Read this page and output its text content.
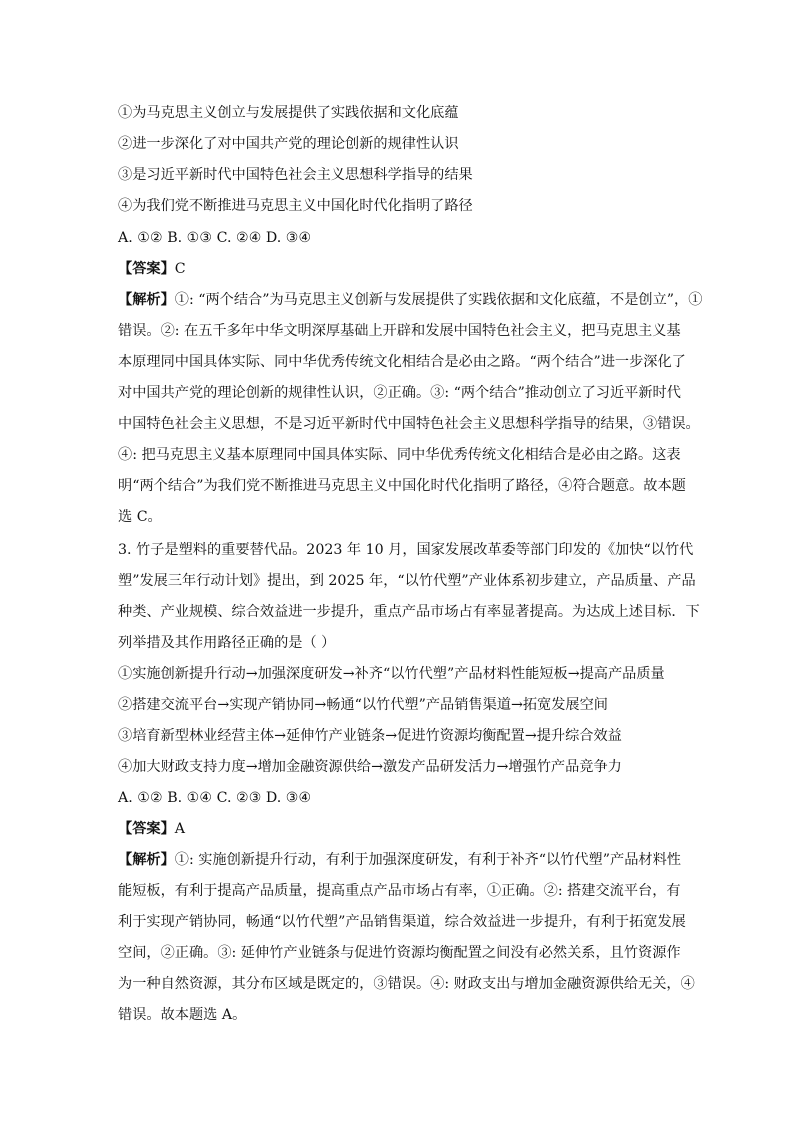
①为马克思主义创立与发展提供了实践依据和文化底蕴
②进一步深化了对中国共产党的理论创新的规律性认识
③是习近平新时代中国特色社会主义思想科学指导的结果
④为我们党不断推进马克思主义中国化时代化指明了路径
A. ①② B. ①③ C. ②④ D. ③④
【答案】C
【解析】①: “两个结合”为马克思主义创新与发展提供了实践依据和文化底蕴，不是创立”，①
错误。②: 在五千多年中华文明深厚基础上开辟和发展中国特色社会主义，把马克思主义基
本原理同中国具体实际、同中华优秀传统文化相结合是必由之路。“两个结合”进一步深化了
对中国共产党的理论创新的规律性认识，②正确。③: “两个结合”推动创立了习近平新时代
中国特色社会主义思想，不是习近平新时代中国特色社会主义思想科学指导的结果，③错误。
④: 把马克思主义基本原理同中国具体实际、同中华优秀传统文化相结合是必由之路。这表
明“两个结合”为我们党不断推进马克思主义中国化时代化指明了路径，④符合题意。故本题
选 C。
3. 竹子是塑料的重要替代品。2023 年 10 月，国家发展改革委等部门印发的《加快“以竹代
塑”发展三年行动计划》提出，到 2025 年，“以竹代塑”产业体系初步建立，产品质量、产品
种类、产业规模、综合效益进一步提升，重点产品市场占有率显著提高。为达成上述目标．下
列举措及其作用路径正确的是（ ）
①实施创新提升行动→加强深度研发→补齐“以竹代塑”产品材料性能短板→提高产品质量
②搭建交流平台→实现产销协同→畅通“以竹代塑”产品销售渠道→拓宽发展空间
③培育新型林业经营主体→延伸竹产业链条→促进竹资源均衡配置→提升综合效益
④加大财政支持力度→增加金融资源供给→激发产品研发活力→增强竹产品竞争力
A. ①② B. ①④ C. ②③ D. ③④
【答案】A
【解析】①: 实施创新提升行动，有利于加强深度研发，有利于补齐“以竹代塑”产品材料性
能短板，有利于提高产品质量，提高重点产品市场占有率，①正确。②: 搭建交流平台，有
利于实现产销协同，畅通“以竹代塑”产品销售渠道，综合效益进一步提升，有利于拓宽发展
空间，②正确。③: 延伸竹产业链条与促进竹资源均衡配置之间没有必然关系，且竹资源作
为一种自然资源，其分布区域是既定的，③错误。④: 财政支出与增加金融资源供给无关，④
错误。故本题选 A。
